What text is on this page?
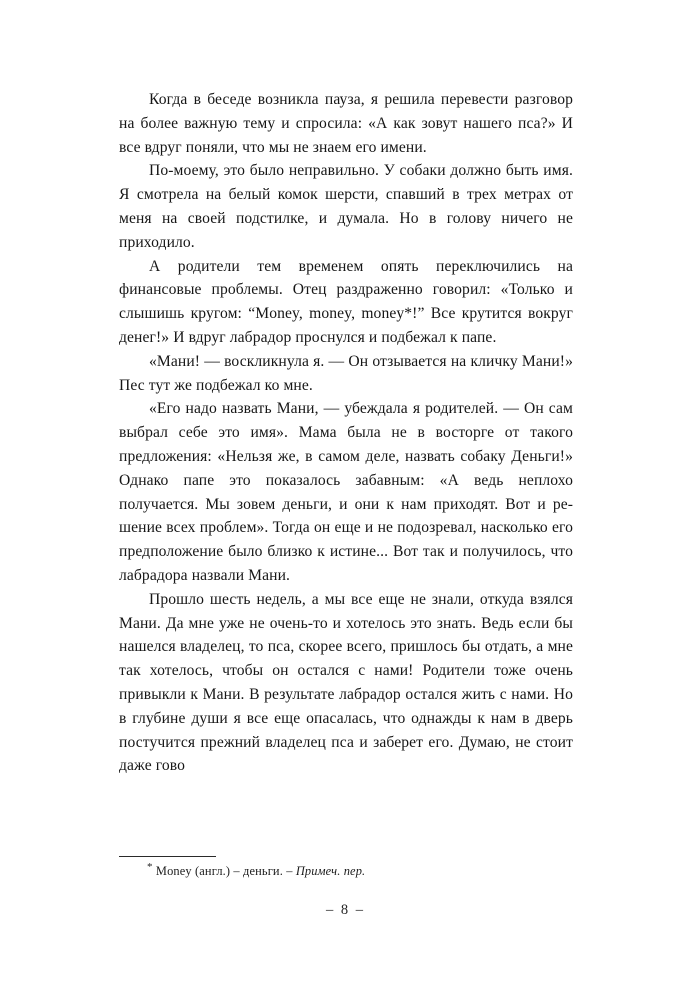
Когда в беседе возникла пауза, я решила перевести разговор на более важную тему и спросила: «А как зовут нашего пса?» И все вдруг поняли, что мы не знаем его имени.

По-моему, это было неправильно. У собаки должно быть имя. Я смотрела на белый комок шерсти, спавший в трех метрах от меня на своей подстилке, и думала. Но в голову ничего не приходило.

А родители тем временем опять переключились на финансовые проблемы. Отец раздраженно говорил: «Только и слышишь кругом: “Money, money, money*!” Все крутится вокруг денег!» И вдруг лабрадор проснулся и подбежал к папе.

«Мани! — воскликнула я. — Он отзывается на кличку Мани!» Пес тут же подбежал ко мне.

«Его надо назвать Мани, — убеждала я родителей. — Он сам выбрал себе это имя». Мама была не в восторге от такого предложения: «Нельзя же, в самом деле, назвать собаку Деньги!» Однако папе это показалось забавным: «А ведь неплохо получается. Мы зовем деньги, и они к нам приходят. Вот и решение всех проблем». Тогда он еще и не подозревал, насколько его предположение было близко к истине... Вот так и получилось, что лабрадора назвали Мани.

Прошло шесть недель, а мы все еще не знали, откуда взялся Мани. Да мне уже не очень-то и хотелось это знать. Ведь если бы нашелся владелец, то пса, скорее всего, пришлось бы отдать, а мне так хотелось, чтобы он остался с нами! Родители тоже очень привыкли к Мани. В результате лабрадор остался жить с нами. Но в глубине души я все еще опасалась, что однажды к нам в дверь постучится прежний владелец пса и заберет его. Думаю, не стоит даже гово

* Money (англ.) – деньги. – Примеч. пер.

– 8 –
